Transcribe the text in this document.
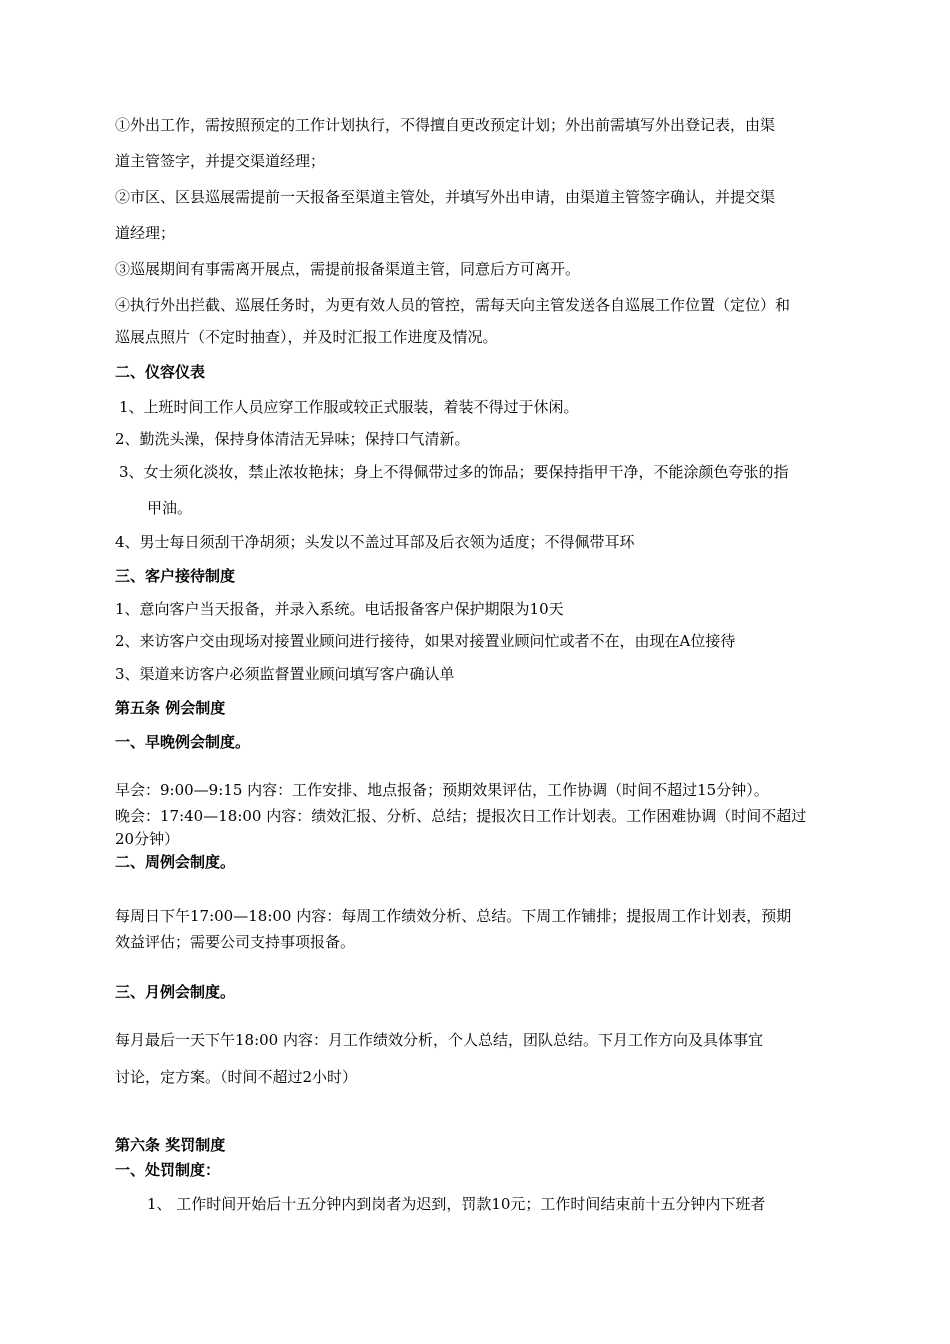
①外出工作，需按照预定的工作计划执行，不得擅自更改预定计划；外出前需填写外出登记表，由渠
道主管签字，并提交渠道经理；
②市区、区县巡展需提前一天报备至渠道主管处，并填写外出申请，由渠道主管签字确认，并提交渠
道经理；
③巡展期间有事需离开展点，需提前报备渠道主管，同意后方可离开。
④执行外出拦截、巡展任务时，为更有效人员的管控，需每天向主管发送各自巡展工作位置（定位）和
巡展点照片（不定时抽查），并及时汇报工作进度及情况。
二、仪容仪表
1、上班时间工作人员应穿工作服或较正式服装，着装不得过于休闲。
2、勤洗头澡，保持身体清洁无异味；保持口气清新。
3、女士须化淡妆，禁止浓妆艳抹；身上不得佩带过多的饰品；要保持指甲干净，不能涂颜色夸张的指
甲油。
4、男士每日须刮干净胡须；头发以不盖过耳部及后衣领为适度；不得佩带耳环
三、客户接待制度
1、意向客户当天报备，并录入系统。电话报备客户保护期限为10天
2、来访客户交由现场对接置业顾问进行接待，如果对接置业顾问忙或者不在，由现在A位接待
3、渠道来访客户必须监督置业顾问填写客户确认单
第五条 例会制度
一、早晚例会制度。
早会：9:00—9:15 内容：工作安排、地点报备；预期效果评估，工作协调（时间不超过15分钟）。
晚会：17:40—18:00 内容：绩效汇报、分析、总结；提报次日工作计划表。工作困难协调（时间不超过
20分钟）
二、周例会制度。
每周日下午17:00—18:00 内容：每周工作绩效分析、总结。下周工作铺排；提报周工作计划表，预期
效益评估；需要公司支持事项报备。
三、月例会制度。
每月最后一天下午18:00 内容：月工作绩效分析，个人总结，团队总结。下月工作方向及具体事宜
讨论，定方案。（时间不超过2小时）
第六条 奖罚制度
一、处罚制度：
1、 工作时间开始后十五分钟内到岗者为迟到，罚款10元；工作时间结束前十五分钟内下班者
